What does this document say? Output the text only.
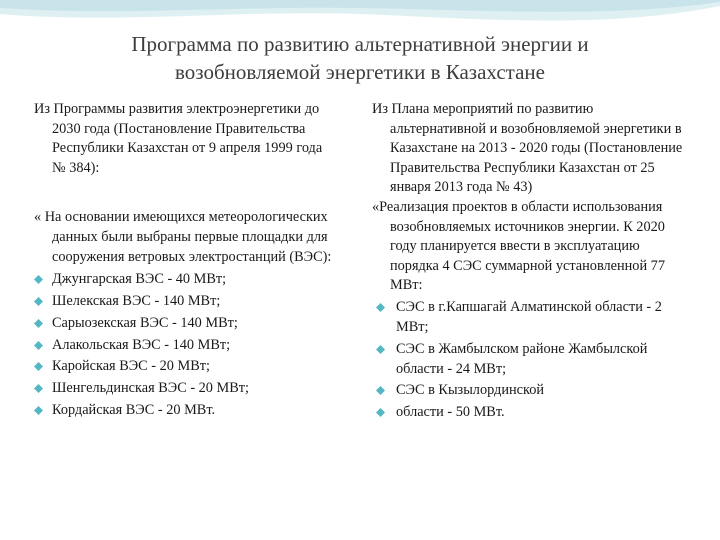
Программа по развитию альтернативной энергии и
возобновляемой энергетики в Казахстане

Из Программы развития электроэнергетики до 2030 года (Постановление Правительства Республики Казахстан от 9 апреля 1999 года № 384):

« На основании имеющихся метеорологических данных были выбраны первые площадки для сооружения ветровых электростанций (ВЭС):

Джунгарская ВЭС - 40 МВт;
Шелекская ВЭС - 140 МВт;
Сарыозекская ВЭС - 140 МВт;
Алакольская ВЭС - 140 МВт;
Каройская ВЭС - 20 МВт;
Шенгельдинская ВЭС - 20 МВт;
Кордайская ВЭС - 20 МВт.

Из Плана мероприятий по развитию альтернативной и возобновляемой энергетики в Казахстане на 2013 - 2020 годы (Постановление Правительства Республики Казахстан от 25 января 2013 года № 43)

«Реализация проектов в области использования возобновляемых источников энергии. К 2020 году планируется ввести в эксплуатацию порядка 4 СЭС суммарной установленной 77 МВт:

СЭС в г.Капшагай Алматинской области - 2 МВт;
СЭС в Жамбылском районе Жамбылской области - 24 МВт;
СЭС в Кызылординской
области - 50 МВт.
